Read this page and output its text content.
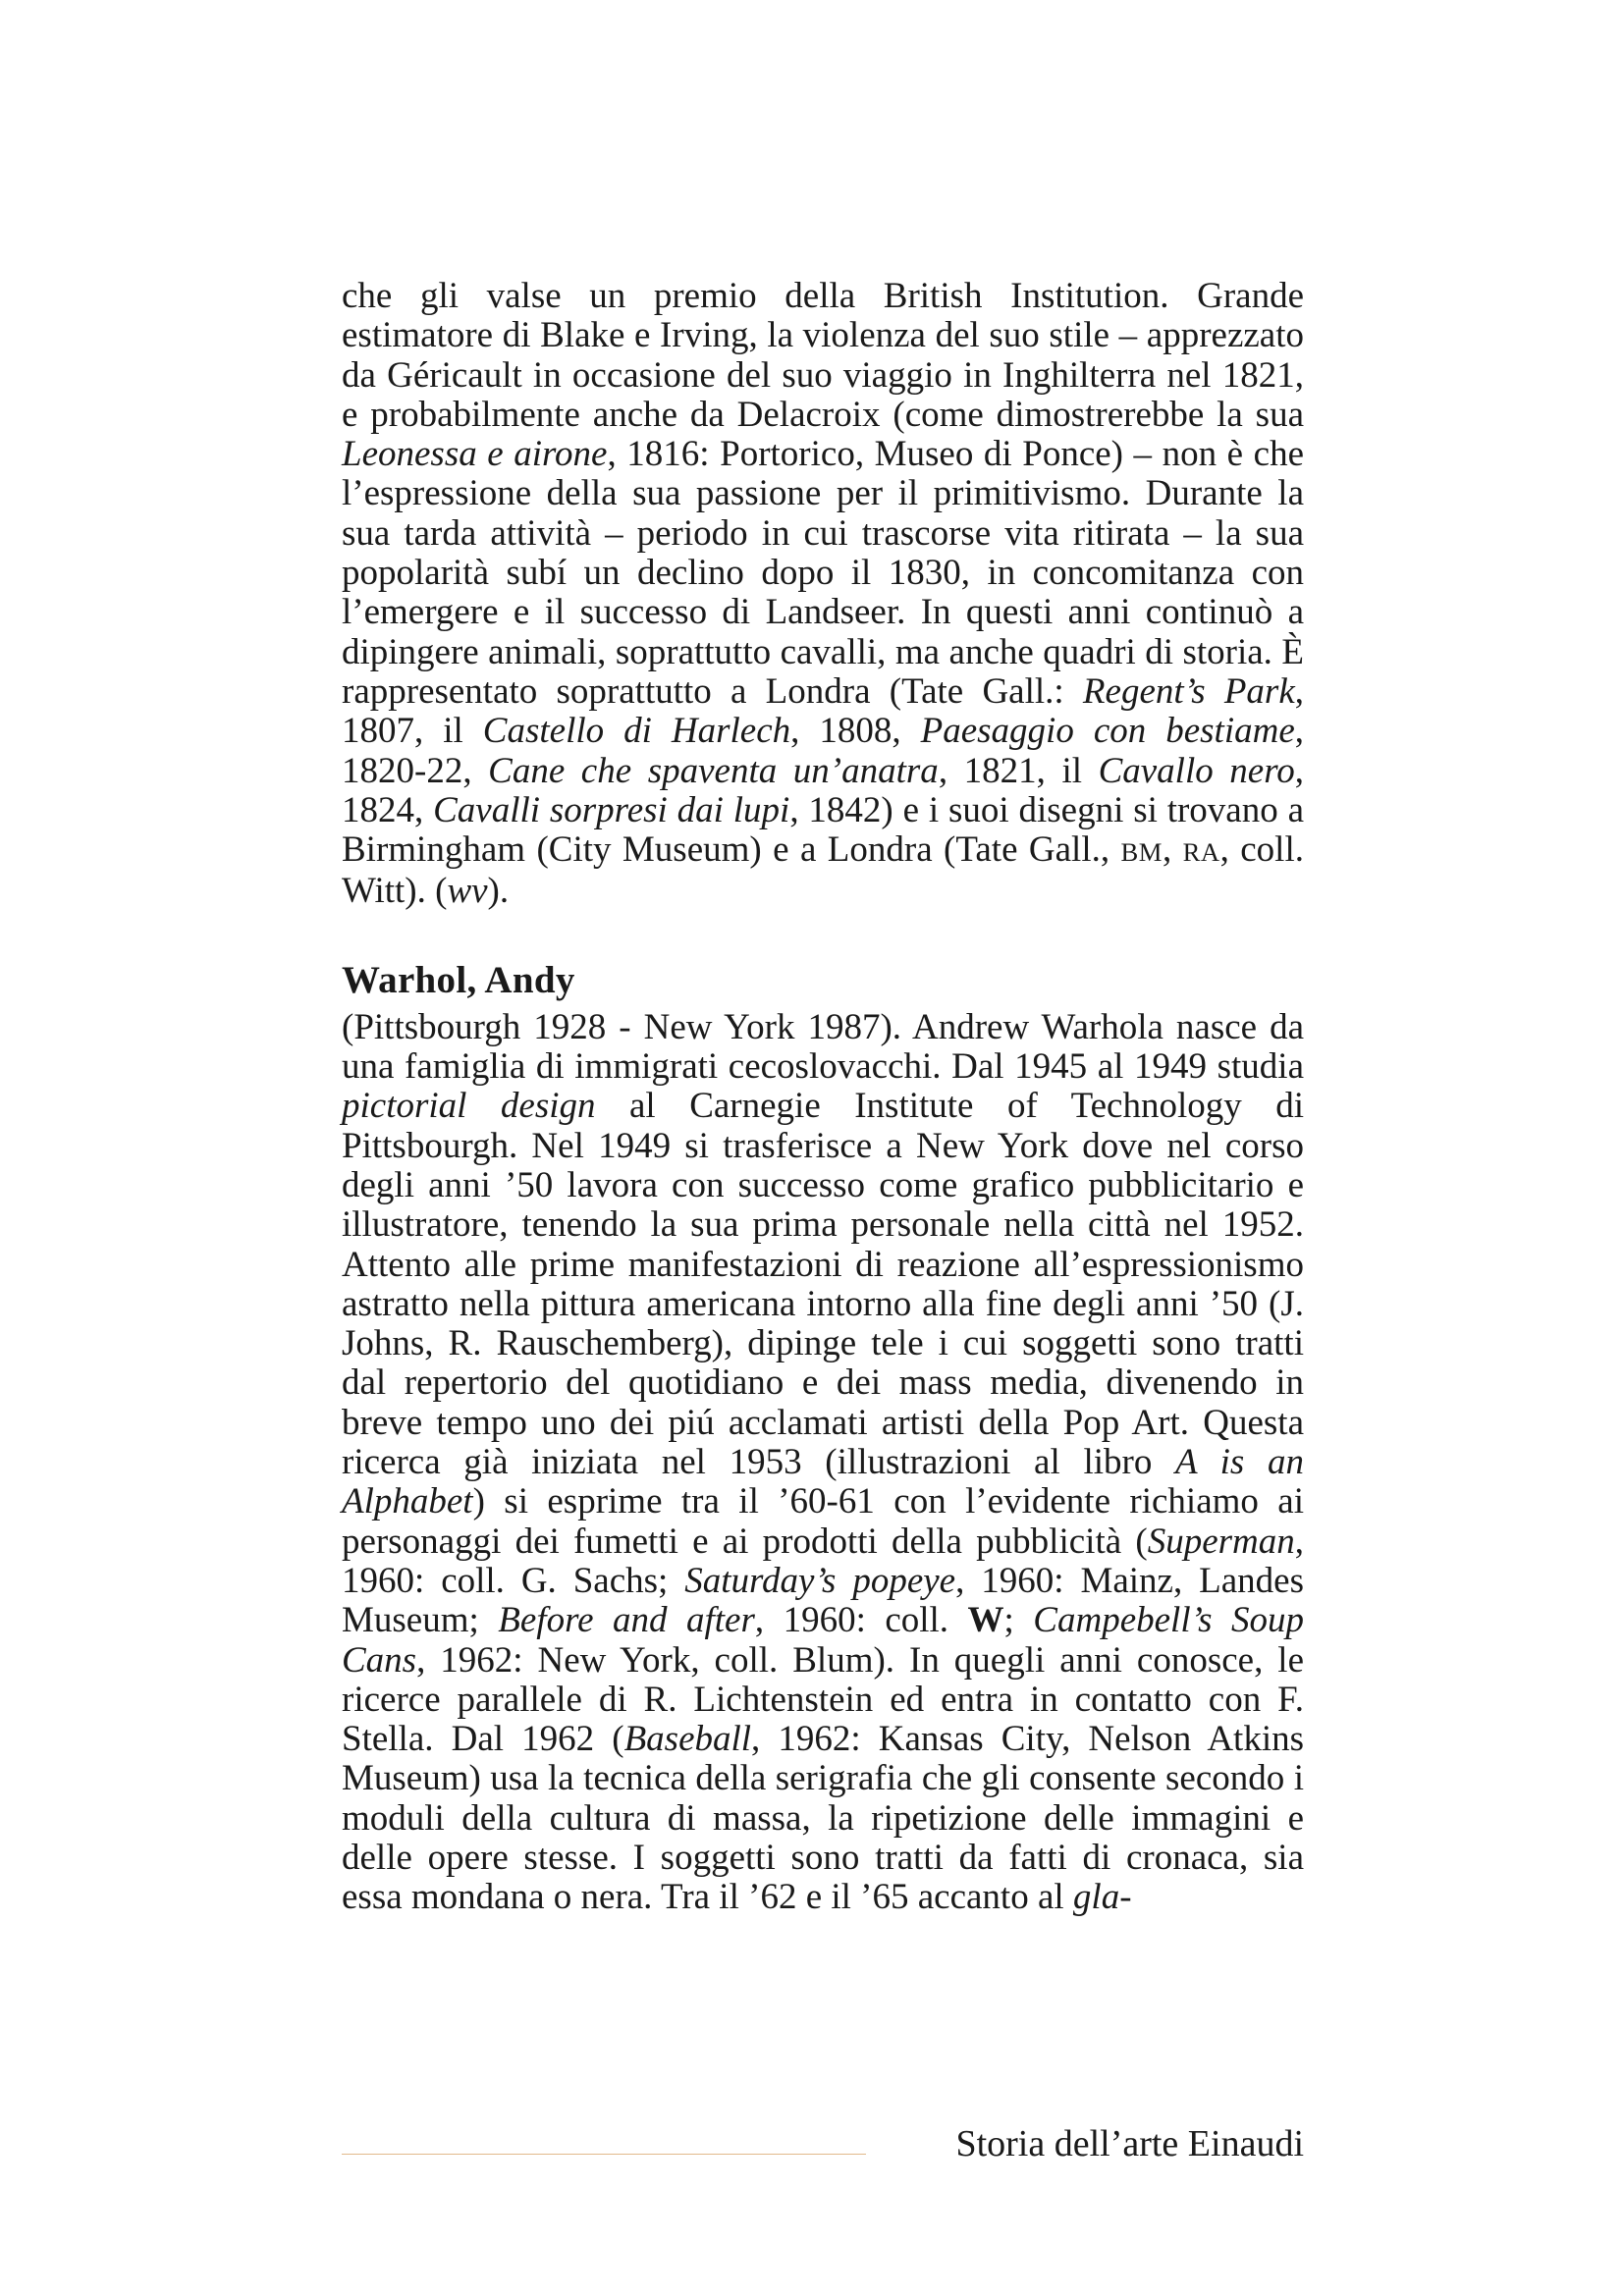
che gli valse un premio della British Institution. Grande estimatore di Blake e Irving, la violenza del suo stile – apprezzato da Géricault in occasione del suo viaggio in Inghilterra nel 1821, e probabilmente anche da Delacroix (come dimostrerebbe la sua Leonessa e airone, 1816: Portorico, Museo di Ponce) – non è che l’espressione della sua passione per il primitivismo. Durante la sua tarda attività – periodo in cui trascorse vita ritirata – la sua popolarità subí un declino dopo il 1830, in concomitanza con l’emergere e il successo di Landseer. In questi anni continuò a dipingere animali, soprattutto cavalli, ma anche quadri di storia. È rappresentato soprattutto a Londra (Tate Gall.: Regent’s Park, 1807, il Castello di Harlech, 1808, Paesaggio con bestiame, 1820-22, Cane che spaventa un’anatra, 1821, il Cavallo nero, 1824, Cavalli sorpresi dai lupi, 1842) e i suoi disegni si trovano a Birmingham (City Museum) e a Londra (Tate Gall., BM, RA, coll. Witt). (wv).

Warhol, Andy

(Pittsbourgh 1928 - New York 1987). Andrew Warhola nasce da una famiglia di immigrati cecoslovacchi. Dal 1945 al 1949 studia pictorial design al Carnegie Institute of Technology di Pittsbourgh. Nel 1949 si trasferisce a New York dove nel corso degli anni ’50 lavora con successo come grafico pubblicitario e illustratore, tenendo la sua prima personale nella città nel 1952. Attento alle prime manifestazioni di reazione all’espressionismo astratto nella pittura americana intorno alla fine degli anni ’50 (J. Johns, R. Rauschemberg), dipinge tele i cui soggetti sono tratti dal repertorio del quotidiano e dei mass media, divenendo in breve tempo uno dei piú acclamati artisti della Pop Art. Questa ricerca già iniziata nel 1953 (illustrazioni al libro A is an Alphabet) si esprime tra il ’60-61 con l’evidente richiamo ai personaggi dei fumetti e ai prodotti della pubblicità (Superman, 1960: coll. G. Sachs; Saturday’s popeye, 1960: Mainz, Landes Museum; Before and after, 1960: coll. W; Campebell’s Soup Cans, 1962: New York, coll. Blum). In quegli anni conosce, le ricerce parallele di R. Lichtenstein ed entra in contatto con F. Stella. Dal 1962 (Baseball, 1962: Kansas City, Nelson Atkins Museum) usa la tecnica della serigrafia che gli consente secondo i moduli della cultura di massa, la ripetizione delle immagini e delle opere stesse. I soggetti sono tratti da fatti di cronaca, sia essa mondana o nera. Tra il ’62 e il ’65 accanto al gla-

Storia dell’arte Einaudi
